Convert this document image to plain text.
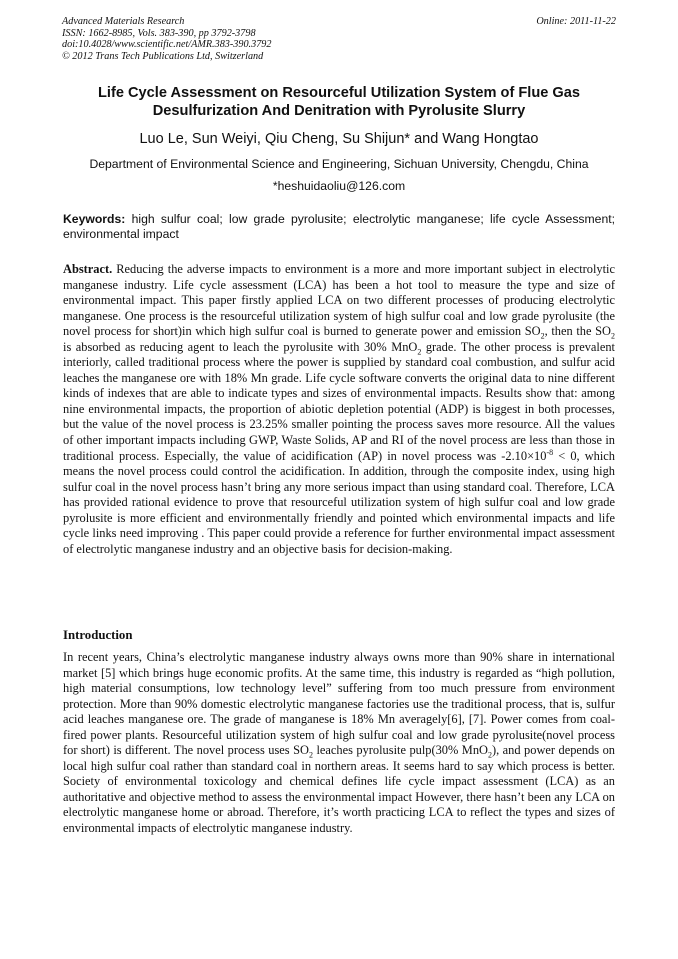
Advanced Materials Research
ISSN: 1662-8985, Vols. 383-390, pp 3792-3798
doi:10.4028/www.scientific.net/AMR.383-390.3792
© 2012 Trans Tech Publications Ltd, Switzerland
Online: 2011-11-22
Life Cycle Assessment on Resourceful Utilization System of Flue Gas
Desulfurization And Denitration with Pyrolusite Slurry
Luo Le, Sun Weiyi, Qiu Cheng, Su Shijun* and Wang Hongtao
Department of Environmental Science and Engineering, Sichuan University, Chengdu, China
*heshuidaoliu@126.com
Keywords: high sulfur coal; low grade pyrolusite; electrolytic manganese; life cycle Assessment; environmental impact
Abstract. Reducing the adverse impacts to environment is a more and more important subject in electrolytic manganese industry. Life cycle assessment (LCA) has been a hot tool to measure the type and size of environmental impact. This paper firstly applied LCA on two different processes of producing electrolytic manganese. One process is the resourceful utilization system of high sulfur coal and low grade pyrolusite (the novel process for short)in which high sulfur coal is burned to generate power and emission $SO_2$, then the $SO_2$ is absorbed as reducing agent to leach the pyrolusite with 30% MnO$_2$ grade. The other process is prevalent interiorly, called traditional process where the power is supplied by standard coal combustion, and sulfur acid leaches the manganese ore with 18% Mn grade. Life cycle software converts the original data to nine different kinds of indexes that are able to indicate types and sizes of environmental impacts. Results show that: among nine environmental impacts, the proportion of abiotic depletion potential (ADP) is biggest in both processes, but the value of the novel process is 23.25% smaller pointing the process saves more resource. All the values of other important impacts including GWP, Waste Solids, AP and RI of the novel process are less than those in traditional process. Especially, the value of acidification (AP) in novel process was $-2.10\times 10^{-8} < 0$, which means the novel process could control the acidification. In addition, through the composite index, using high sulfur coal in the novel process hasn’t bring any more serious impact than using standard coal. Therefore, LCA has provided rational evidence to prove that resourceful utilization system of high sulfur coal and low grade pyrolusite is more efficient and environmentally friendly and pointed which environmental impacts and life cycle links need improving . This paper could provide a reference for further environmental impact assessment of electrolytic manganese industry and an objective basis for decision-making.
Introduction
In recent years, China’s electrolytic manganese industry always owns more than 90% share in international market [5] which brings huge economic profits. At the same time, this industry is regarded as “high pollution, high material consumptions, low technology level” suffering from too much pressure from environment protection. More than 90% domestic electrolytic manganese factories use the traditional process, that is, sulfur acid leaches manganese ore. The grade of manganese is 18% Mn averagely[6], [7]. Power comes from coal-fired power plants. Resourceful utilization system of high sulfur coal and low grade pyrolusite(novel process for short) is different. The novel process uses $SO_2$ leaches pyrolusite pulp(30% MnO$_2$), and power depends on local high sulfur coal rather than standard coal in northern areas. It seems hard to say which process is better. Society of environmental toxicology and chemical defines life cycle impact assessment (LCA) as an authoritative and objective method to assess the environmental impact However, there hasn’t been any LCA on electrolytic manganese home or abroad. Therefore, it’s worth practicing LCA to reflect the types and sizes of environmental impacts of electrolytic manganese industry.
